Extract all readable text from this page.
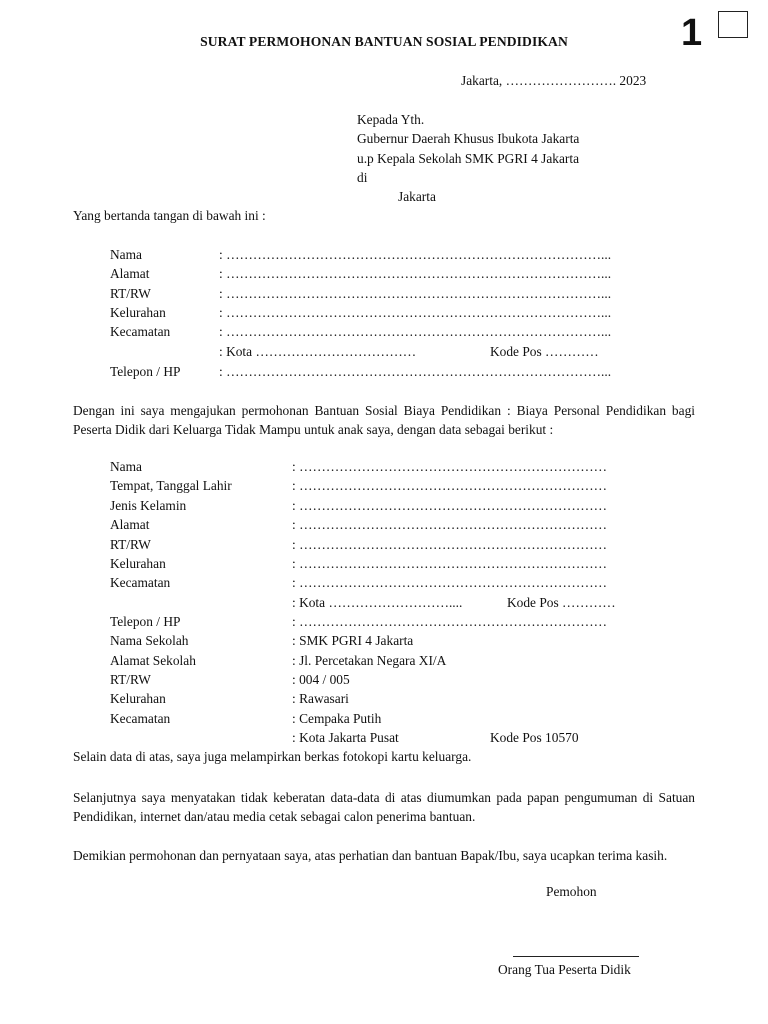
1
SURAT PERMOHONAN BANTUAN SOSIAL PENDIDIKAN
Jakarta, ……………………. 2023
Kepada Yth.
Gubernur Daerah Khusus Ibukota Jakarta
u.p Kepala Sekolah SMK PGRI 4 Jakarta
di
Jakarta
Yang bertanda tangan di bawah ini :
Nama	: …………………………………………………………………………...
Alamat	: …………………………………………………………………………...
RT/RW	: …………………………………………………………………………...
Kelurahan	: …………………………………………………………………………...
Kecamatan	: …………………………………………………………………………...
: Kota ………………………………	Kode Pos …………
Telepon / HP	: …………………………………………………………………………...
Dengan ini saya mengajukan permohonan Bantuan Sosial Biaya Pendidikan : Biaya Personal Pendidikan bagi Peserta Didik dari Keluarga Tidak Mampu untuk anak saya, dengan data sebagai berikut :
Nama	: ……………………………………………………………
Tempat, Tanggal Lahir	: ……………………………………………………………
Jenis Kelamin	: ……………………………………………………………
Alamat	: ……………………………………………………………
RT/RW	: ……………………………………………………………
Kelurahan	: ……………………………………………………………
Kecamatan	: ……………………………………………………………
: Kota ………………………....	Kode Pos …………
Telepon / HP	: ……………………………………………………………
Nama Sekolah	: SMK PGRI 4 Jakarta
Alamat Sekolah	: Jl. Percetakan Negara XI/A
RT/RW	: 004 / 005
Kelurahan	: Rawasari
Kecamatan	: Cempaka Putih
: Kota Jakarta Pusat	Kode Pos 10570
Selain data di atas, saya juga melampirkan berkas fotokopi kartu keluarga.
Selanjutnya saya menyatakan tidak keberatan data-data di atas diumumkan pada papan pengumuman di Satuan Pendidikan, internet dan/atau media cetak sebagai calon penerima bantuan.
Demikian permohonan dan pernyataan saya, atas perhatian dan bantuan Bapak/Ibu, saya ucapkan terima kasih.
Pemohon
Orang Tua Peserta Didik
